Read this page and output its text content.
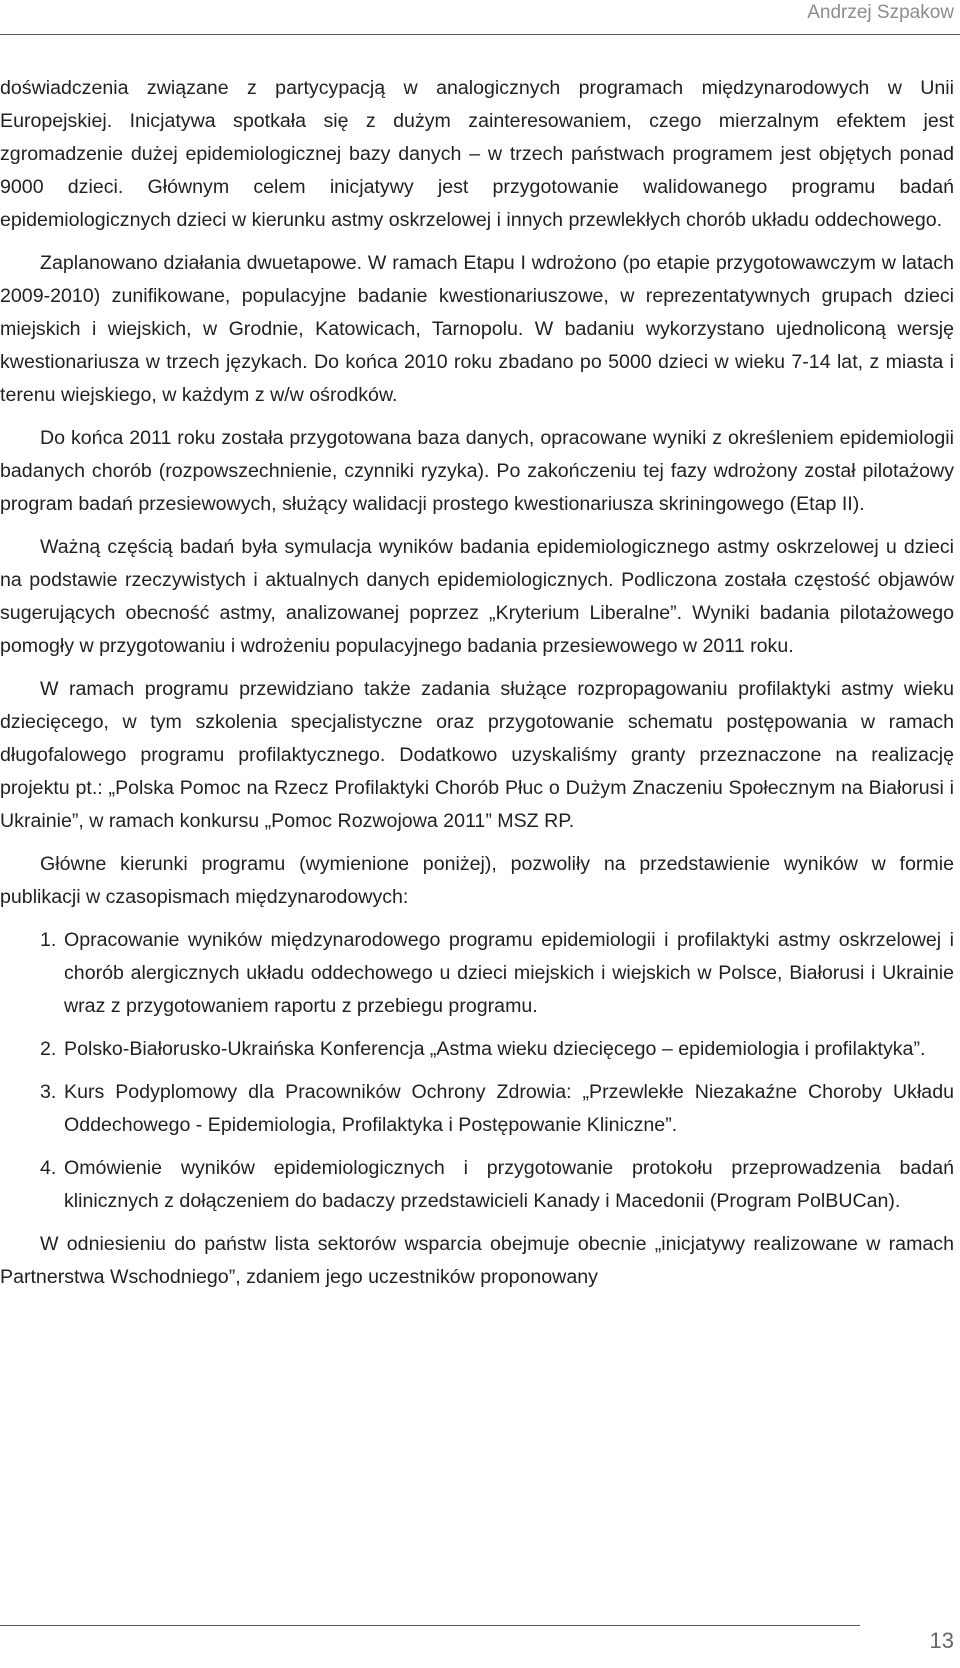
Andrzej Szpakow

doświadczenia związane z partycypacją w analogicznych programach międzynarodowych w Unii Europejskiej. Inicjatywa spotkała się z dużym zainteresowaniem, czego mierzalnym efektem jest zgromadzenie dużej epidemiologicznej bazy danych – w trzech państwach programem jest objętych ponad 9000 dzieci. Głównym celem inicjatywy jest przygotowanie walidowanego programu badań epidemiologicznych dzieci w kierunku astmy oskrzelowej i innych przewlekłych chorób układu oddechowego.

Zaplanowano działania dwuetapowe. W ramach Etapu I wdrożono (po etapie przygotowawczym w latach 2009-2010) zunifikowane, populacyjne badanie kwestionariuszowe, w reprezentatywnych grupach dzieci miejskich i wiejskich, w Grodnie, Katowicach, Tarnopolu. W badaniu wykorzystano ujednoliconą wersję kwestionariusza w trzech językach. Do końca 2010 roku zbadano po 5000 dzieci w wieku 7-14 lat, z miasta i terenu wiejskiego, w każdym z w/w ośrodków.

Do końca 2011 roku została przygotowana baza danych, opracowane wyniki z określeniem epidemiologii badanych chorób (rozpowszechnienie, czynniki ryzyka). Po zakończeniu tej fazy wdrożony został pilotażowy program badań przesiewowych, służący walidacji prostego kwestionariusza skriningowego (Etap II).

Ważną częścią badań była symulacja wyników badania epidemiologicznego astmy oskrzelowej u dzieci na podstawie rzeczywistych i aktualnych danych epidemiologicznych. Podliczona została częstość objawów sugerujących obecność astmy, analizowanej poprzez „Kryterium Liberalne”. Wyniki badania pilotażowego pomogły w przygotowaniu i wdrożeniu populacyjnego badania przesiewowego w 2011 roku.

W ramach programu przewidziano także zadania służące rozpropagowaniu profilaktyki astmy wieku dziecięcego, w tym szkolenia specjalistyczne oraz przygotowanie schematu postępowania w ramach długofalowego programu profilaktycznego. Dodatkowo uzyskaliśmy granty przeznaczone na realizację projektu pt.: „Polska Pomoc na Rzecz Profilaktyki Chorób Płuc o Dużym Znaczeniu Społecznym na Białorusi i Ukrainie”, w ramach konkursu „Pomoc Rozwojowa 2011” MSZ RP.

Główne kierunki programu (wymienione poniżej), pozwoliły na przedstawienie wyników w formie publikacji w czasopismach międzynarodowych:

1. Opracowanie wyników międzynarodowego programu epidemiologii i profilaktyki astmy oskrzelowej i chorób alergicznych układu oddechowego u dzieci miejskich i wiejskich w Polsce, Białorusi i Ukrainie wraz z przygotowaniem raportu z przebiegu programu.
2. Polsko-Białorusko-Ukraińska Konferencja „Astma wieku dziecięcego – epidemiologia i profilaktyka”.
3. Kurs Podyplomowy dla Pracowników Ochrony Zdrowia: „Przewlekłe Niezakaźne Choroby Układu Oddechowego - Epidemiologia, Profilaktyka i Postępowanie Kliniczne”.
4. Omówienie wyników epidemiologicznych i przygotowanie protokołu przeprowadzenia badań klinicznych z dołączeniem do badaczy przedstawicieli Kanady i Macedonii (Program PolBUCan).

W odniesieniu do państw lista sektorów wsparcia obejmuje obecnie „inicjatywy realizowane w ramach Partnerstwa Wschodniego”, zdaniem jego uczestników proponowany

13
